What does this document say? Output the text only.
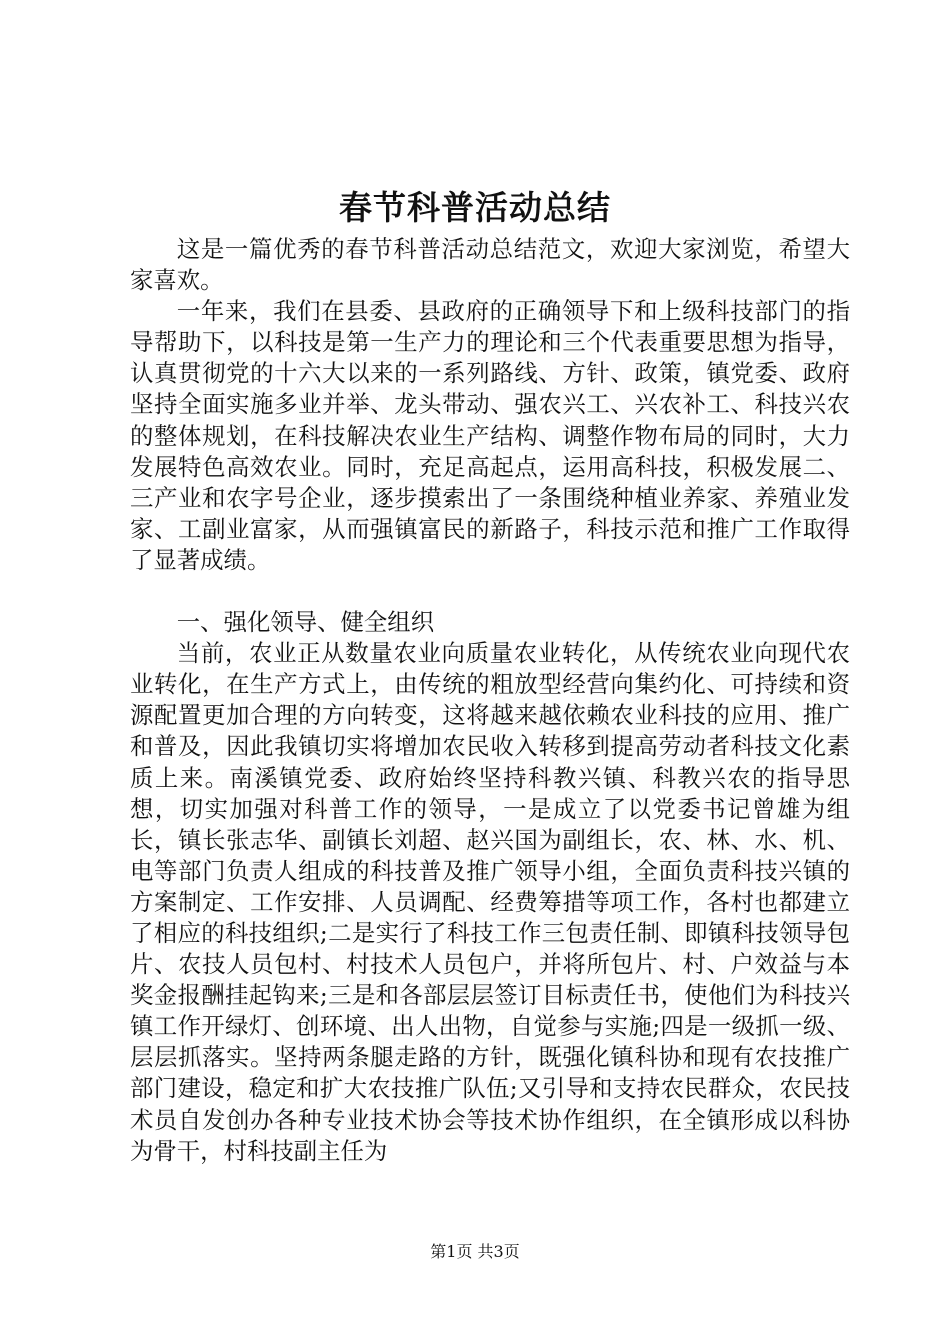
春节科普活动总结

这是一篇优秀的春节科普活动总结范文，欢迎大家浏览，希望大家喜欢。

一年来，我们在县委、县政府的正确领导下和上级科技部门的指导帮助下，以科技是第一生产力的理论和三个代表重要思想为指导，认真贯彻党的十六大以来的一系列路线、方针、政策，镇党委、政府坚持全面实施多业并举、龙头带动、强农兴工、兴农补工、科技兴农的整体规划，在科技解决农业生产结构、调整作物布局的同时，大力发展特色高效农业。同时，充足高起点，运用高科技，积极发展二、三产业和农字号企业，逐步摸索出了一条围绕种植业养家、养殖业发家、工副业富家，从而强镇富民的新路子，科技示范和推广工作取得了显著成绩。

一、强化领导、健全组织

当前，农业正从数量农业向质量农业转化，从传统农业向现代农业转化，在生产方式上，由传统的粗放型经营向集约化、可持续和资源配置更加合理的方向转变，这将越来越依赖农业科技的应用、推广和普及，因此我镇切实将增加农民收入转移到提高劳动者科技文化素质上来。南溪镇党委、政府始终坚持科教兴镇、科教兴农的指导思想，切实加强对科普工作的领导，一是成立了以党委书记曾雄为组长，镇长张志华、副镇长刘超、赵兴国为副组长，农、林、水、机、电等部门负责人组成的科技普及推广领导小组，全面负责科技兴镇的方案制定、工作安排、人员调配、经费筹措等项工作，各村也都建立了相应的科技组织;二是实行了科技工作三包责任制、即镇科技领导包片、农技人员包村、村技术人员包户，并将所包片、村、户效益与本奖金报酬挂起钩来;三是和各部层层签订目标责任书，使他们为科技兴镇工作开绿灯、创环境、出人出物，自觉参与实施;四是一级抓一级、层层抓落实。坚持两条腿走路的方针，既强化镇科协和现有农技推广部门建设，稳定和扩大农技推广队伍;又引导和支持农民群众，农民技术员自发创办各种专业技术协会等技术协作组织，在全镇形成以科协为骨干，村科技副主任为

第1页 共3页
